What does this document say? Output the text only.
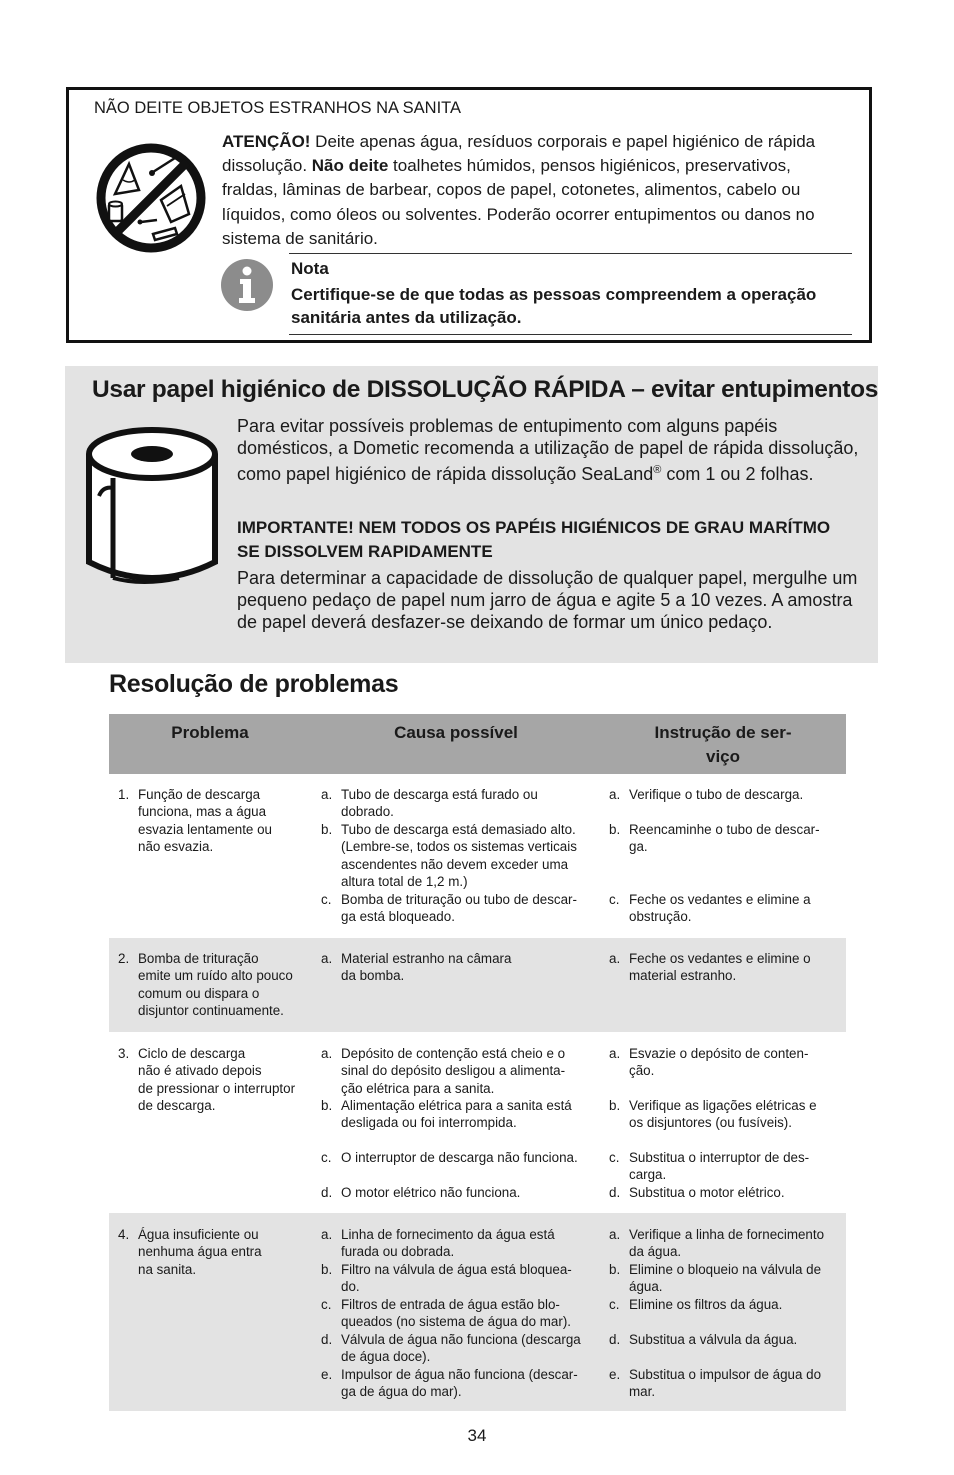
NÃO DEITE OBJETOS ESTRANHOS NA SANITA
ATENÇÃO! Deite apenas água, resíduos corporais e papel higiénico de rápida dissolução. Não deite toalhetes húmidos, pensos higiénicos, preservativos, fraldas, lâminas de barbear, copos de papel, cotonetes, alimentos, cabelo ou líquidos, como óleos ou solventes. Poderão ocorrer entupimentos ou danos no sistema de sanitário.
Nota
Certifique-se de que todas as pessoas compreendem a operação sanitária antes da utilização.
Usar papel higiénico de DISSOLUÇÃO RÁPIDA – evitar entupimentos
Para evitar possíveis problemas de entupimento com alguns papéis domésticos, a Dometic recomenda a utilização de papel de rápida dissolução, como papel higiénico de rápida dissolução SeaLand® com 1 ou 2 folhas.
IMPORTANTE! NEM TODOS OS PAPÉIS HIGIÉNICOS DE GRAU MARÍTMO SE DISSOLVEM RAPIDAMENTE
Para determinar a capacidade de dissolução de qualquer papel, mergulhe um pequeno pedaço de papel num jarro de água e agite 5 a 10 vezes. A amostra de papel deverá desfazer-se deixando de formar um único pedaço.
Resolução de problemas
Problema	Causa possível	Instrução de ser-
viço
1. Função de descarga
funciona, mas a água
esvazia lentamente ou
não esvazia.
a. Tubo de descarga está furado ou
dobrado.
b. Tubo de descarga está demasiado alto.
(Lembre-se, todos os sistemas verticais
ascendentes não devem exceder uma
altura total de 1,2 m.)
c. Bomba de trituração ou tubo de descar-
ga está bloqueado.
a. Verifique o tubo de descarga.
b. Reencaminhe o tubo de descar-
ga.
c. Feche os vedantes e elimine a
obstrução.
2. Bomba de trituração
emite um ruído alto pouco
comum ou dispara o
disjuntor continuamente.
a. Material estranho na câmara
da bomba.
a. Feche os vedantes e elimine o
material estranho.
3. Ciclo de descarga
não é ativado depois
de pressionar o interruptor
de descarga.
a. Depósito de contenção está cheio e o
sinal do depósito desligou a alimenta-
ção elétrica para a sanita.
b. Alimentação elétrica para a sanita está
desligada ou foi interrompida.
c. O interruptor de descarga não funciona.
d. O motor elétrico não funciona.
a. Esvazie o depósito de conten-
ção.
b. Verifique as ligações elétricas e
os disjuntores (ou fusíveis).
c. Substitua o interruptor de des-
carga.
d. Substitua o motor elétrico.
4. Água insuficiente ou
nenhuma água entra
na sanita.
a. Linha de fornecimento da água está
furada ou dobrada.
b. Filtro na válvula de água está bloquea-
do.
c. Filtros de entrada de água estão blo-
queados (no sistema de água do mar).
d. Válvula de água não funciona (descarga
de água doce).
e. Impulsor de água não funciona (descar-
ga de água do mar).
a. Verifique a linha de fornecimento
da água.
b. Elimine o bloqueio na válvula de
água.
c. Elimine os filtros da água.
d. Substitua a válvula da água.
e. Substitua o impulsor de água do
mar.
34
